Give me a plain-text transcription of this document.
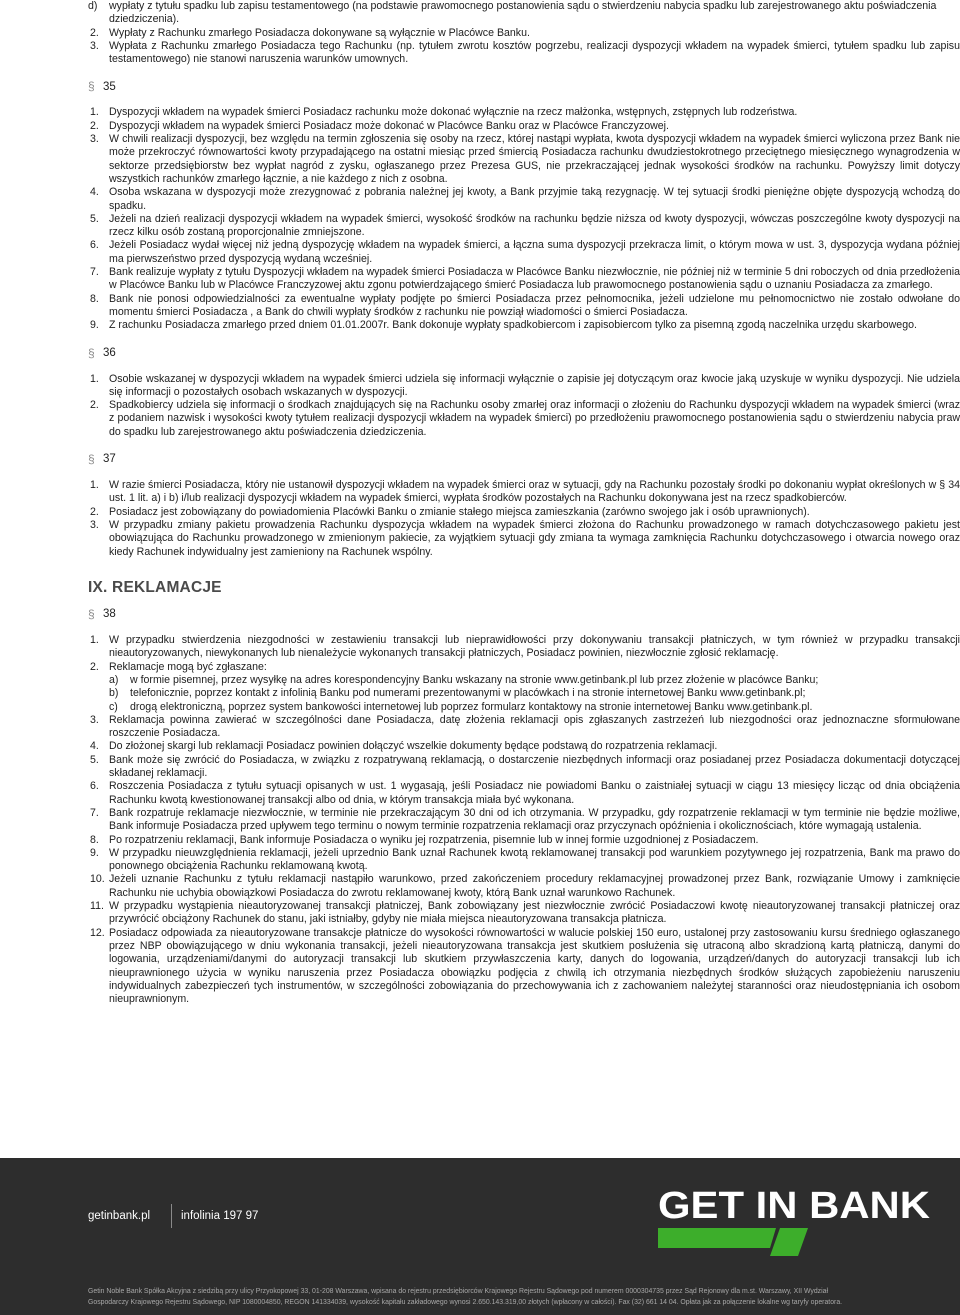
d) wypłaty z tytułu spadku lub zapisu testamentowego (na podstawie prawomocnego postanowienia sądu o stwierdzeniu nabycia spadku lub zarejestrowanego aktu poświadczenia dziedziczenia).
2. Wypłaty z Rachunku zmarłego Posiadacza dokonywane są wyłącznie w Placówce Banku.
3. Wypłata z Rachunku zmarłego Posiadacza tego Rachunku (np. tytułem zwrotu kosztów pogrzebu, realizacji dyspozycji wkładem na wypadek śmierci, tytułem spadku lub zapisu testamentowego) nie stanowi naruszenia warunków umownych.
§ 35
1. Dyspozycji wkładem na wypadek śmierci Posiadacz rachunku może dokonać wyłącznie na rzecz małżonka, wstępnych, zstępnych lub rodzeństwa.
2. Dyspozycji wkładem na wypadek śmierci Posiadacz może dokonać w Placówce Banku oraz w Placówce Franczyzowej.
3. W chwili realizacji dyspozycji, bez względu na termin zgłoszenia się osoby na rzecz, której nastąpi wypłata, kwota dyspozycji wkładem na wypadek śmierci wyliczona przez Bank nie może przekroczyć równowartości kwoty przypadającego na ostatni miesiąc przed śmiercią Posiadacza rachunku dwudziestokrotnego przeciętnego miesięcznego wynagrodzenia w sektorze przedsiębiorstw bez wypłat nagród z zysku, ogłaszanego przez Prezesa GUS, nie przekraczającej jednak wysokości środków na rachunku. Powyższy limit dotyczy wszystkich rachunków zmarłego łącznie, a nie każdego z nich z osobna.
4. Osoba wskazana w dyspozycji może zrezygnować z pobrania należnej jej kwoty, a Bank przyjmie taką rezygnację. W tej sytuacji środki pieniężne objęte dyspozycją wchodzą do spadku.
5. Jeżeli na dzień realizacji dyspozycji wkładem na wypadek śmierci, wysokość środków na rachunku będzie niższa od kwoty dyspozycji, wówczas poszczególne kwoty dyspozycji na rzecz kilku osób zostaną proporcjonalnie zmniejszone.
6. Jeżeli Posiadacz wydał więcej niż jedną dyspozycję wkładem na wypadek śmierci, a łączna suma dyspozycji przekracza limit, o którym mowa w ust. 3, dyspozycja wydana później ma pierwszeństwo przed dyspozycją wydaną wcześniej.
7. Bank realizuje wypłaty z tytułu Dyspozycji wkładem na wypadek śmierci Posiadacza w Placówce Banku niezwłocznie, nie później niż w terminie 5 dni roboczych od dnia przedłożenia w Placówce Banku lub w Placówce Franczyzowej aktu zgonu potwierdzającego śmierć Posiadacza lub prawomocnego postanowienia sądu o uznaniu Posiadacza za zmarłego.
8. Bank nie ponosi odpowiedzialności za ewentualne wypłaty podjęte po śmierci Posiadacza przez pełnomocnika, jeżeli udzielone mu pełnomocnictwo nie zostało odwołane do momentu śmierci Posiadacza , a Bank do chwili wypłaty środków z rachunku nie powziął wiadomości o śmierci Posiadacza.
9. Z rachunku Posiadacza zmarłego przed dniem 01.01.2007r. Bank dokonuje wypłaty spadkobiercom i zapisobiercom tylko za pisemną zgodą naczelnika urzędu skarbowego.
§ 36
1. Osobie wskazanej w dyspozycji wkładem na wypadek śmierci udziela się informacji wyłącznie o zapisie jej dotyczącym oraz kwocie jaką uzyskuje w wyniku dyspozycji. Nie udziela się informacji o pozostałych osobach wskazanych w dyspozycji.
2. Spadkobiercy udziela się informacji o środkach znajdujących się na Rachunku osoby zmarłej oraz informacji o złożeniu do Rachunku dyspozycji wkładem na wypadek śmierci (wraz z podaniem nazwisk i wysokości kwoty tytułem realizacji dyspozycji wkładem na wypadek śmierci) po przedłożeniu prawomocnego postanowienia sądu o stwierdzeniu nabycia praw do spadku lub zarejestrowanego aktu poświadczenia dziedziczenia.
§ 37
1. W razie śmierci Posiadacza, który nie ustanowił dyspozycji wkładem na wypadek śmierci oraz w sytuacji, gdy na Rachunku pozostały środki po dokonaniu wypłat określonych w § 34 ust. 1 lit. a) i b) i/lub realizacji dyspozycji wkładem na wypadek śmierci, wypłata środków pozostałych na Rachunku dokonywana jest na rzecz spadkobierców.
2. Posiadacz jest zobowiązany do powiadomienia Placówki Banku o zmianie stałego miejsca zamieszkania (zarówno swojego jak i osób uprawnionych).
3. W przypadku zmiany pakietu prowadzenia Rachunku dyspozycja wkładem na wypadek śmierci złożona do Rachunku prowadzonego w ramach dotychczasowego pakietu jest obowiązująca do Rachunku prowadzonego w zmienionym pakiecie, za wyjątkiem sytuacji gdy zmiana ta wymaga zamknięcia Rachunku dotychczasowego i otwarcia nowego oraz kiedy Rachunek indywidualny jest zamieniony na Rachunek wspólny.
IX. REKLAMACJE
§ 38
1. W przypadku stwierdzenia niezgodności w zestawieniu transakcji lub nieprawidłowości przy dokonywaniu transakcji płatniczych, w tym również w przypadku transakcji nieautoryzowanych, niewykonanych lub nienależycie wykonanych transakcji płatniczych, Posiadacz powinien, niezwłocznie zgłosić reklamację.
2. Reklamacje mogą być zgłaszane:
a) w formie pisemnej, przez wysyłkę na adres korespondencyjny Banku wskazany na stronie www.getinbank.pl lub przez złożenie w placówce Banku;
b) telefonicznie, poprzez kontakt z infolinią Banku pod numerami prezentowanymi w placówkach i na stronie internetowej Banku www.getinbank.pl;
c) drogą elektroniczną, poprzez system bankowości internetowej lub poprzez formularz kontaktowy na stronie internetowej Banku www.getinbank.pl.
3. Reklamacja powinna zawierać w szczególności dane Posiadacza, datę złożenia reklamacji opis zgłaszanych zastrzeżeń lub niezgodności oraz jednoznaczne sformułowane roszczenie Posiadacza.
4. Do złożonej skargi lub reklamacji Posiadacz powinien dołączyć wszelkie dokumenty będące podstawą do rozpatrzenia reklamacji.
5. Bank może się zwrócić do Posiadacza, w związku z rozpatrywaną reklamacją, o dostarczenie niezbędnych informacji oraz posiadanej przez Posiadacza dokumentacji dotyczącej składanej reklamacji.
6. Roszczenia Posiadacza z tytułu sytuacji opisanych w ust. 1 wygasają, jeśli Posiadacz nie powiadomi Banku o zaistniałej sytuacji w ciągu 13 miesięcy licząc od dnia obciążenia Rachunku kwotą kwestionowanej transakcji albo od dnia, w którym transakcja miała być wykonana.
7. Bank rozpatruje reklamacje niezwłocznie, w terminie nie przekraczającym 30 dni od ich otrzymania. W przypadku, gdy rozpatrzenie reklamacji w tym terminie nie będzie możliwe, Bank informuje Posiadacza przed upływem tego terminu o nowym terminie rozpatrzenia reklamacji oraz przyczynach opóźnienia i okolicznościach, które wymagają ustalenia.
8. Po rozpatrzeniu reklamacji, Bank informuje Posiadacza o wyniku jej rozpatrzenia, pisemnie lub w innej formie uzgodnionej z Posiadaczem.
9. W przypadku nieuwzględnienia reklamacji, jeżeli uprzednio Bank uznał Rachunek kwotą reklamowanej transakcji pod warunkiem pozytywnego jej rozpatrzenia, Bank ma prawo do ponownego obciążenia Rachunku reklamowaną kwotą.
10. Jeżeli uznanie Rachunku z tytułu reklamacji nastąpiło warunkowo, przed zakończeniem procedury reklamacyjnej prowadzonej przez Bank, rozwiązanie Umowy i zamknięcie Rachunku nie uchybia obowiązkowi Posiadacza do zwrotu reklamowanej kwoty, którą Bank uznał warunkowo Rachunek.
11. W przypadku wystąpienia nieautoryzowanej transakcji płatniczej, Bank zobowiązany jest niezwłocznie zwrócić Posiadaczowi kwotę nieautoryzowanej transakcji płatniczej oraz przywrócić obciążony Rachunek do stanu, jaki istniałby, gdyby nie miała miejsca nieautoryzowana transakcja płatnicza.
12. Posiadacz odpowiada za nieautoryzowane transakcje płatnicze do wysokości równowartości w walucie polskiej 150 euro, ustalonej przy zastosowaniu kursu średniego ogłaszanego przez NBP obowiązującego w dniu wykonania transakcji, jeżeli nieautoryzowana transakcja jest skutkiem posłużenia się utraconą albo skradzioną kartą płatniczą, danymi do logowania, urządzeniami/danymi do autoryzacji transakcji lub skutkiem przywłaszczenia karty, danych do logowania, urządzeń/danych do autoryzacji transakcji lub ich nieuprawnionego użycia w wyniku naruszenia przez Posiadacza obowiązku podjęcia z chwilą ich otrzymania niezbędnych środków służących zapobieżeniu naruszeniu indywidualnych zabezpieczeń tych instrumentów, w szczególności zobowiązania do przechowywania ich z zachowaniem należytej staranności oraz nieudostępniania ich osobom nieuprawnionym.
getinbank.pl	infolinia 197 97	GET IN BANK
Getin Noble Bank Spółka Akcyjna z siedzibą przy ulicy Przyokopowej 33, 01-208 Warszawa, wpisana do rejestru przedsiębiorców Krajowego Rejestru Sądowego pod numerem 0000304735 przez Sąd Rejonowy dla m.st. Warszawy, XII Wydział
Gospodarczy Krajowego Rejestru Sądowego, NIP 1080004850, REGON 141334039, wysokość kapitału zakładowego wynosi 2.650.143.319,00 złotych (wpłacony w całości). Fax (32) 661 14 04. Opłata jak za połączenie lokalne wg taryfy operatora.
